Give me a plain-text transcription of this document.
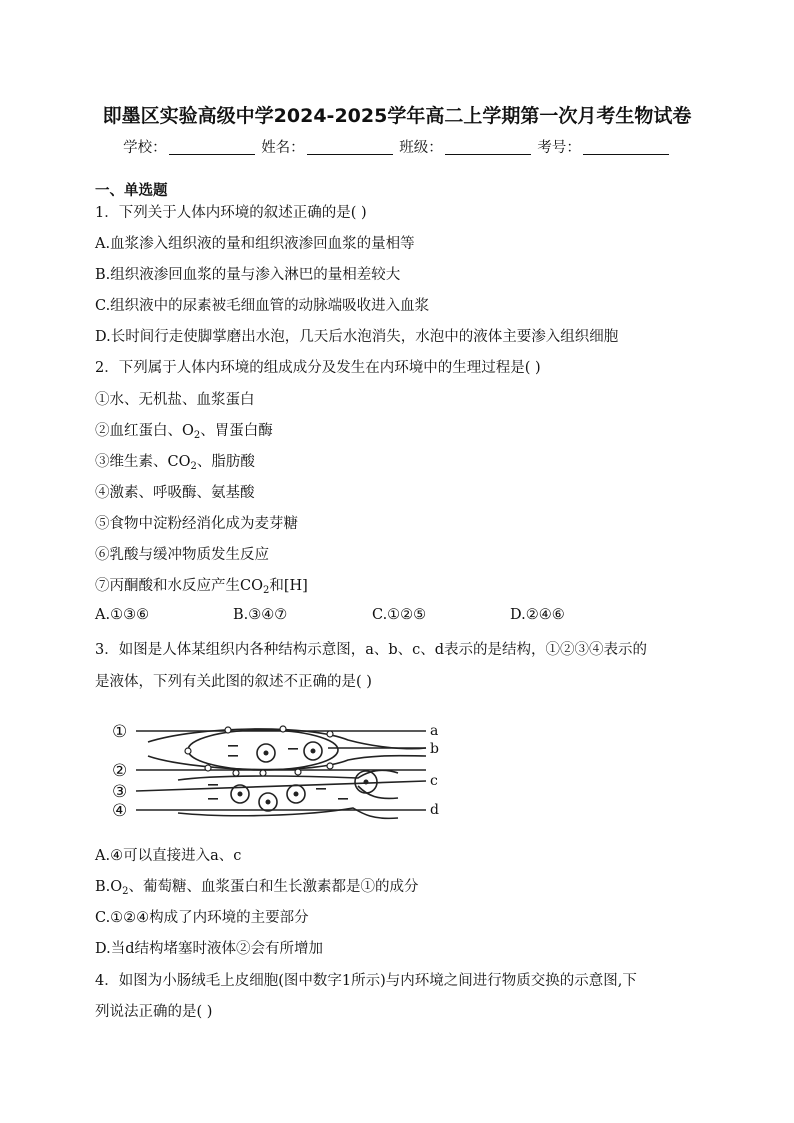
即墨区实验高级中学2024-2025学年高二上学期第一次月考生物试卷
学校：	姓名：	班级：	考号：
一、单选题
1．下列关于人体内环境的叙述正确的是( )
A.血浆渗入组织液的量和组织液渗回血浆的量相等
B.组织液渗回血浆的量与渗入淋巴的量相差较大
C.组织液中的尿素被毛细血管的动脉端吸收进入血浆
D.长时间行走使脚掌磨出水泡，几天后水泡消失，水泡中的液体主要渗入组织细胞
2．下列属于人体内环境的组成成分及发生在内环境中的生理过程是( )
①水、无机盐、血浆蛋白
②血红蛋白、$O_2$、胃蛋白酶
③维生素、$CO_2$、脂肪酸
④激素、呼吸酶、氨基酸
⑤食物中淀粉经消化成为麦芽糖
⑥乳酸与缓冲物质发生反应
⑦丙酮酸和水反应产生$CO_2$和[H]
A.①③⑥	B.③④⑦	C.①②⑤	D.②④⑥
3．如图是人体某组织内各种结构示意图，a、b、c、d表示的是结构，①②③④表示的
是液体，下列有关此图的叙述不正确的是( )
①
②
③
④
a
b
c
d
A.④可以直接进入a、c
$B.O_2$、葡萄糖、血浆蛋白和生长激素都是①的成分
C.①②④构成了内环境的主要部分
D.当d结构堵塞时液体②会有所增加
4．如图为小肠绒毛上皮细胞(图中数字1所示)与内环境之间进行物质交换的示意图,下
列说法正确的是( )
